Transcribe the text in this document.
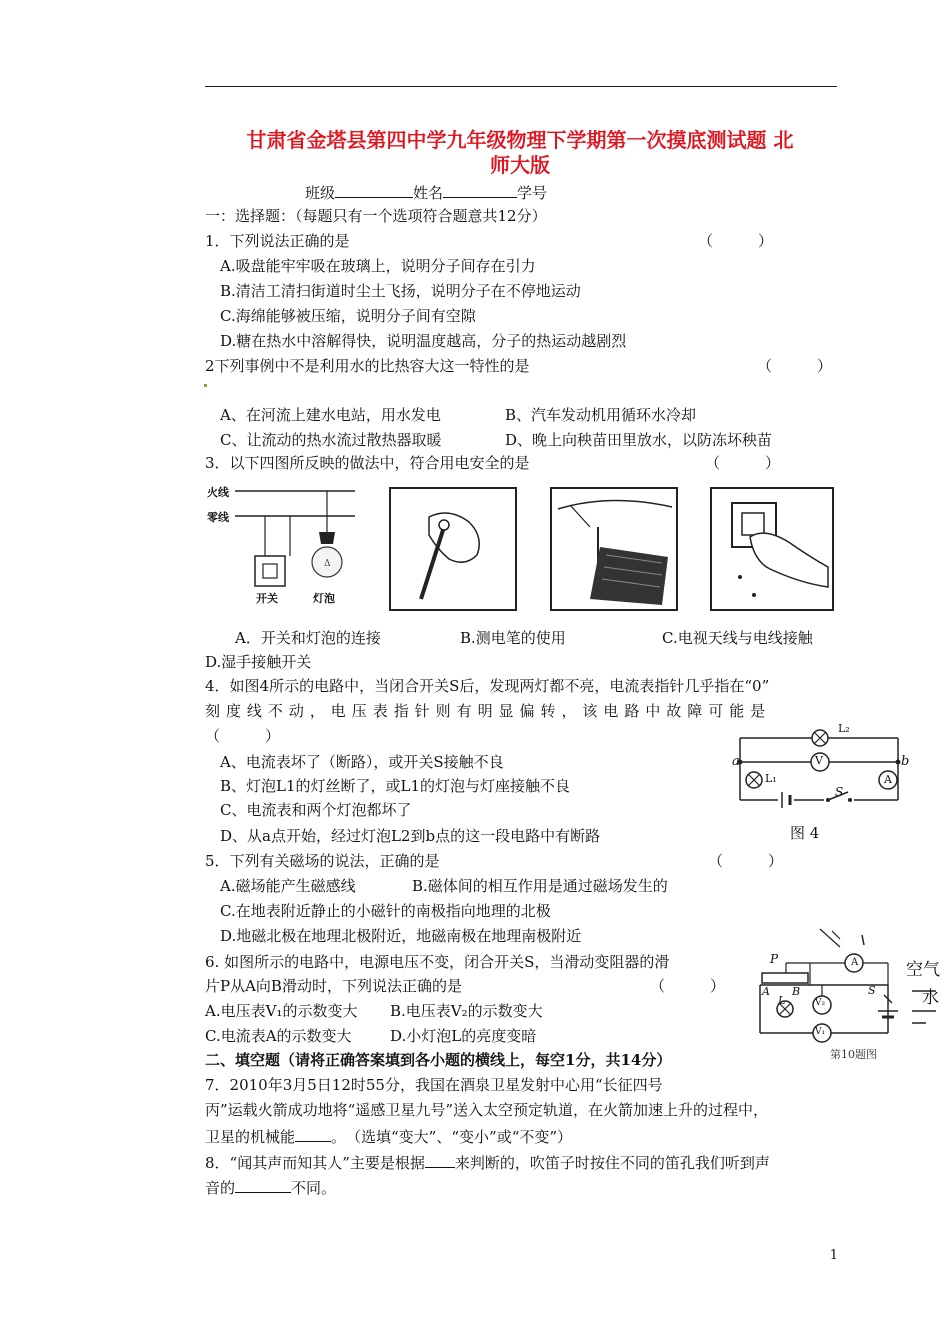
甘肃省金塔县第四中学九年级物理下学期第一次摸底测试题 北
师大版
班级	姓名	学号
一：选择题：（每题只有一个选项符合题意共12分）
1．下列说法正确的是	（　　　）
A.吸盘能牢牢吸在玻璃上，说明分子间存在引力
B.清洁工清扫街道时尘土飞扬，说明分子在不停地运动
C.海绵能够被压缩，说明分子间有空隙
D.糖在热水中溶解得快，说明温度越高，分子的热运动越剧烈
2下列事例中不是利用水的比热容大这一特性的是	（　　　）
A、在河流上建水电站，用水发电	B、汽车发动机用循环水冷却
C、让流动的热水流过散热器取暖	D、晚上向秧苗田里放水，以防冻坏秧苗
3．以下四图所反映的做法中，符合用电安全的是	（　　　）
Δ
火线
零线
开关	灯泡
A．开关和灯泡的连接	B.测电笔的使用	C.电视天线与电线接触
D.湿手接触开关
4．如图4所示的电路中，当闭合开关S后，发现两灯都不亮，电流表指针几乎指在“0”
刻 度 线 不 动 ， 电 压 表 指 针 则 有 明 显 偏 转 ， 该 电 路 中 故 障 可 能 是
（　　　）
A、电流表坏了（断路），或开关S接触不良
B、灯泡L1的灯丝断了，或L1的灯泡与灯座接触不良
C、电流表和两个灯泡都坏了
D、从a点开始，经过灯泡L2到b点的这一段电路中有断路
L₂
a	b
V
L₁	A
S
图 4
5．下列有关磁场的说法，正确的是	（　　　）
A.磁场能产生磁感线	B.磁体间的相互作用是通过磁场发生的
C.在地表附近静止的小磁针的南极指向地理的北极
D.地磁北极在地理北极附近，地磁南极在地理南极附近
6. 如图所示的电路中，电源电压不变，闭合开关S，当滑动变阻器的滑
片P从A向B滑动时，下列说法正确的是	（　　　）
A.电压表V₁的示数变大 B.电压表V₂的示数变大
C.电流表A的示数变大	D.小灯泡L的亮度变暗
P
A B
A
V₂
L
V₁
S
空气
水
第10题图
二、填空题（请将正确答案填到各小题的横线上，每空1分，共14分）
7．2010年3月5日12时55分，我国在酒泉卫星发射中心用“长征四号
丙”运载火箭成功地将“遥感卫星九号”送入太空预定轨道，在火箭加速上升的过程中，
卫星的机械能 。　（选填“变大”、“变小”或“不变”）
8．“闻其声而知其人”主要是根据 来判断的，吹笛子时按住不同的笛孔我们听到声
音的	不同。
1
